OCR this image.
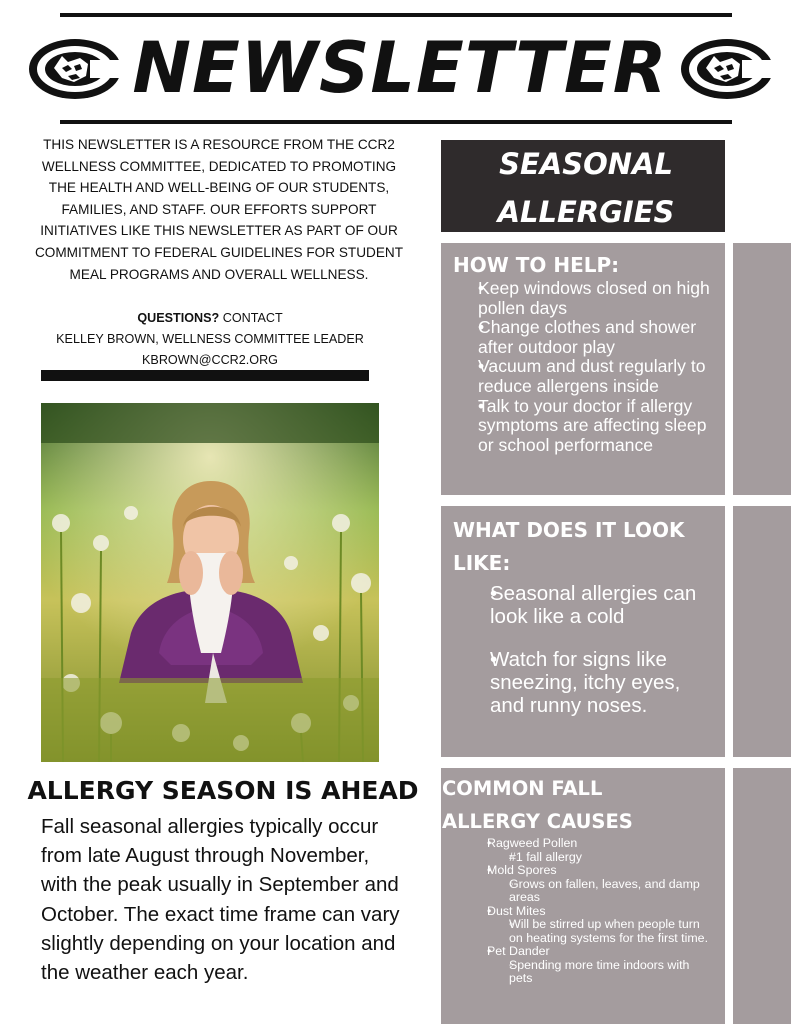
NEWSLETTER
THIS NEWSLETTER IS A RESOURCE FROM THE CCR2 WELLNESS COMMITTEE, DEDICATED TO PROMOTING THE HEALTH AND WELL-BEING OF OUR STUDENTS, FAMILIES, AND STAFF. OUR EFFORTS SUPPORT INITIATIVES LIKE THIS NEWSLETTER AS PART OF OUR COMMITMENT TO FEDERAL GUIDELINES FOR STUDENT MEAL PROGRAMS AND OVERALL WELLNESS.
QUESTIONS? CONTACT
KELLEY BROWN, WELLNESS COMMITTEE LEADER
KBROWN@CCR2.ORG
ALLERGY SEASON IS AHEAD
Fall seasonal allergies typically occur from late August through November, with the peak usually in September and October. The exact time frame can vary slightly depending on your location and the weather each year.
SEASONAL
ALLERGIES
HOW TO HELP:
• Keep windows closed on high pollen days
• Change clothes and shower after outdoor play
• Vacuum and dust regularly to reduce allergens inside
• Talk to your doctor if allergy symptoms are affecting sleep or school performance
WHAT DOES IT LOOK
LIKE:
• Seasonal allergies can look like a cold
• Watch for signs like sneezing, itchy eyes, and runny noses.
COMMON FALL
ALLERGY CAUSES
• Ragweed Pollen
◦ #1 fall allergy
• Mold Spores
◦ Grows on fallen, leaves, and damp areas
• Dust Mites
◦ Will be stirred up when people turn on heating systems for the first time.
• Pet Dander
◦ Spending more time indoors with pets
